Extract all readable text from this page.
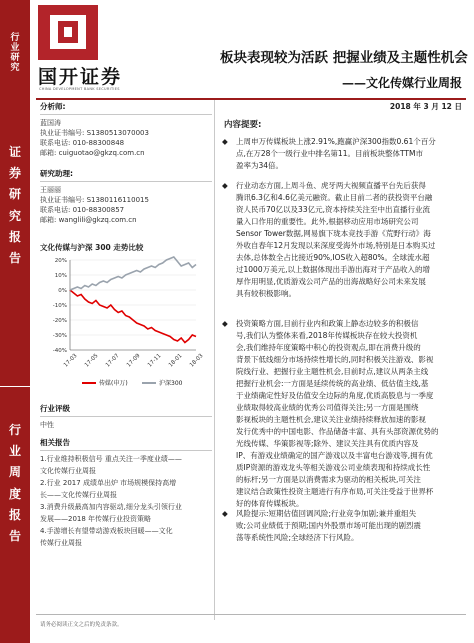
行
业
研
究
证
券
研
究
报
告
行
业
周
度
报
告
国开证券
CHINA DEVELOPMENT BANK SECURITIES
板块表现较为活跃 把握业绩及主题性机会
——文化传媒行业周报
分析师:
蓝国涛
执业证书编号: S1380513070003
联系电话: 010-88300848
邮箱: cuiguotao@gkzq.com.cn
研究助理:
王丽丽
执业证书编号: S1380116110015
联系电话: 010-88300857
邮箱: wanglili@gkzq.com.cn
文化传媒与沪深 300 走势比较
20%
10%
0%
-10%
-20%
-30%
-40%
17-03 17-05 17-07 17-09 17-11 18-01 18-03
传媒(申万)	沪深300
行业评级
中性
相关报告
1.行业维持积极信号 重点关注一季度业绩——
文化传媒行业周报
2.行业 2017 成绩单出炉 市场规模保持高增
长——文化传媒行业周报
3.消费升级最高加内容驱动,细分龙头引领行业
发展——2018 年传媒行业投资策略
4.手游增长有望带动游戏板块回暖——文化
传媒行业周报
2018 年 3 月 12 日
内容提要:
◆ 上周申万传媒板块上涨2.91%,跑赢沪深300指数0.61个百分
点,在万28个一级行业中排名第11。目前板块整体TTM市
盈率为34倍。
◆ 行业动态方面,上周斗鱼、虎牙两大视频直播平台先后获得
腾讯6.3亿和4.6亿美元融资。截止目前二者的获投资平台融
资人民币70亿以及33亿元,资本持续关注至中出直播行业流
量入口作用的重要性。此外,根据移动应用市场研究公司
Sensor Tower数据,网易旗下珑本竞技手游《荒野行动》海
外收自春年12月发现以来深度受海外市场,特别是日本购买过
去体,总体数全占比接近90%,IOS收入超80%。全球流水超
过1000万美元,以上数据体现出手游出海对于产品收入的增
厚作用明显,优质游戏公司产品的出海战略好公司未来发展
具有较积极影响。
◆ 投资策略方面,目前行业内和政策上静态边较多的积极信
号,我们认为整体来看,2018年传媒板块存在较大投资机
会,我们维持年度策略中积心的投资观点,即在消费升级的
背景下低线细分市场持续性增长的,同时积极关注游戏、影视
院线行业、把握行业主题性机会,目前时点,建议从两条主线
把握行业机会:一方面是延续传统的高业绩、低估值主线,基
于业绩确定性好及估值安全边际的角度,优质高股息与一季度
业绩取得较高业绩的优秀公司值得关注;另一方面是围绕
影视板块的主题性机会,建议关注业绩持续释放加速的影视
发行优秀中的中国电影、作品储备丰富、具有头部资源优势的
光线传媒、华策影视等;除外、建议关注具有优质内容及
IP、有游戏业绩确定的国产游戏以及丰富电台游戏等,拥有优
质IP资源的游戏龙头等相关游戏公司业绩表现和持续成长性
的标杆;另一方面是以消费需求为驱动的相关板块,可关注
建议结合政策性投资主题进行有序布局,可关注受益于世界杯
好的体育传媒板块。
◆ 风险提示:短期估值回调风险;行业竞争加剧;兼并重组失
败;公司业绩低于预期;国内外股票市场可能出现的剧烈震
荡等系统性风险;全球经济下行风险。
请务必阅读正文之后的免责条款。
